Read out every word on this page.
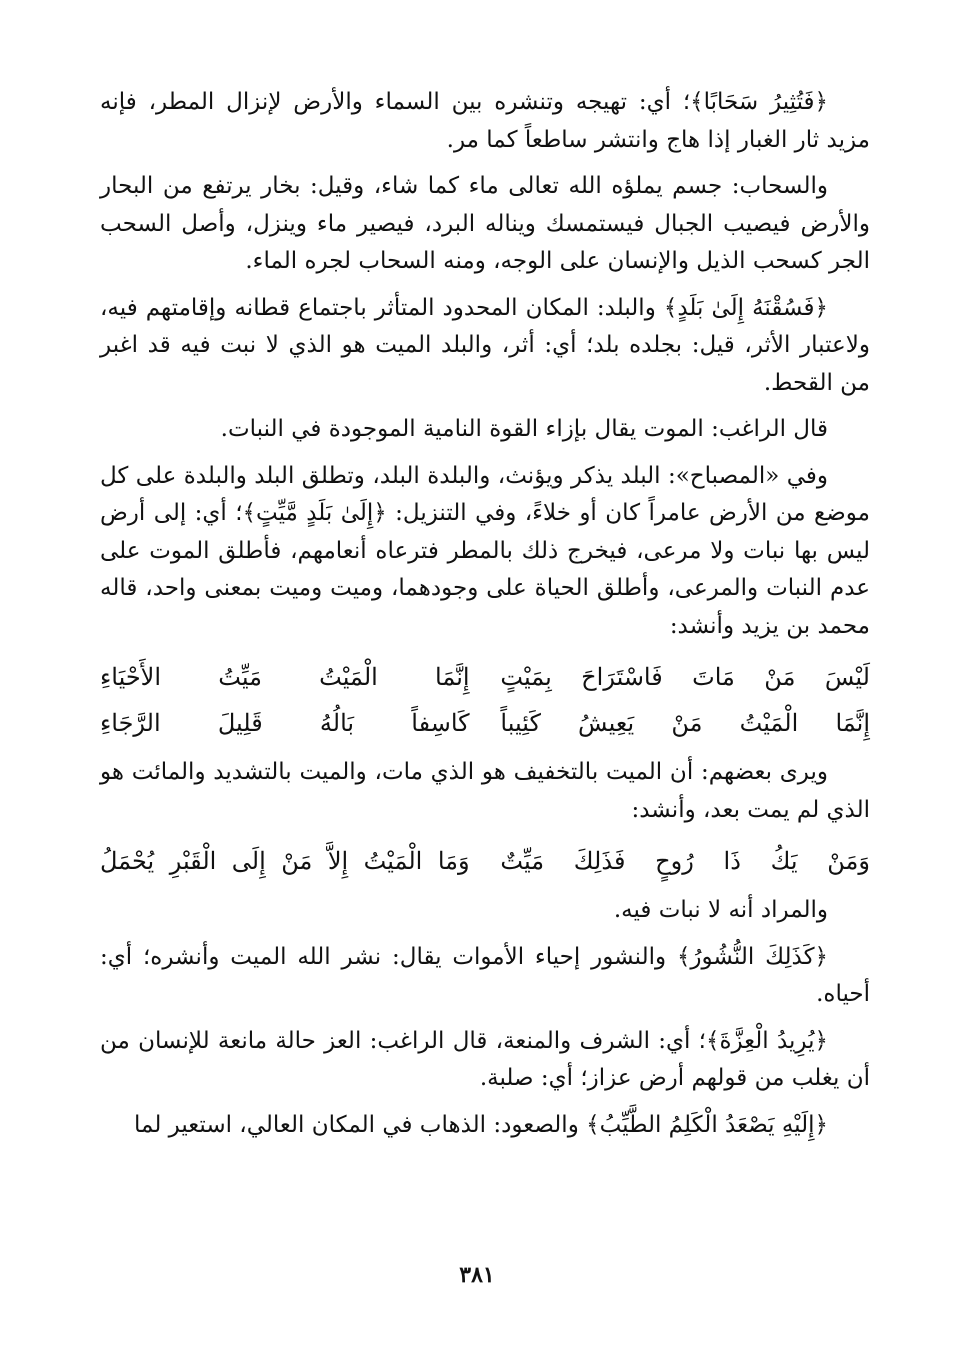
﴿فَتُثِيرُ سَحَابًا﴾؛ أي: تهيجه وتنشره بين السماء والأرض لإنزال المطر، فإنه مزيد ثار الغبار إذا هاج وانتشر ساطعاً كما مر.

والسحاب: جسم يملؤه الله تعالى ماء كما شاء، وقيل: بخار يرتفع من البحار والأرض فيصيب الجبال فيستمسك ويناله البرد، فيصير ماء وينزل، وأصل السحب الجر كسحب الذيل والإنسان على الوجه، ومنه السحاب لجره الماء.

﴿فَسُقْنَهُ إِلَىٰ بَلَدٍ﴾ والبلد: المكان المحدود المتأثر باجتماع قطانه وإقامتهم فيه، ولاعتبار الأثر، قيل: بجلده بلد؛ أي: أثر، والبلد الميت هو الذي لا نبت فيه قد اغبر من القحط.

قال الراغب: الموت يقال بإزاء القوة النامية الموجودة في النبات.

وفي «المصباح»: البلد يذكر ويؤنث، والبلدة البلد، وتطلق البلد والبلدة على كل موضع من الأرض عامراً كان أو خلاءً، وفي التنزيل: ﴿إِلَىٰ بَلَدٍ مَّيِّتٍ﴾؛ أي: إلى أرض ليس بها نبات ولا مرعى، فيخرج ذلك بالمطر فترعاه أنعامهم، فأطلق الموت على عدم النبات والمرعى، وأطلق الحياة على وجودهما، وميت وميت بمعنى واحد، قاله محمد بن يزيد وأنشد:

لَيْسَ مَنْ مَاتَ فَاسْتَرَاحَ بِمَيْتٍ
إِنَّمَا الْمَيْتُ مَيِّتُ الأَحْيَاءِ
إِنَّمَا الْمَيْتُ مَنْ يَعِيشُ كَئِيباً
كَاسِفاً بَالُهُ قَلِيلَ الرَّجَاءِ

ويرى بعضهم: أن الميت بالتخفيف هو الذي مات، والميت بالتشديد والمائت هو الذي لم يمت بعد، وأنشد:

وَمَنْ يَكُ ذَا رُوحٍ فَذَلِكَ مَيِّتٌ
وَمَا الْمَيْتُ إِلاَّ مَنْ إِلَى الْقَبْرِ يُحْمَلُ

والمراد أنه لا نبات فيه.

﴿كَذَلِكَ النُّشُورُ﴾ والنشور إحياء الأموات يقال: نشر الله الميت وأنشره؛ أي: أحياه.

﴿يُرِيدُ الْعِزَّةَ﴾؛ أي: الشرف والمنعة، قال الراغب: العز حالة مانعة للإنسان من أن يغلب من قولهم أرض عزاز؛ أي: صلبة.

﴿إِلَيْهِ يَصْعَدُ الْكَلِمُ الطَّيِّبُ﴾ والصعود: الذهاب في المكان العالي، استعير لما

٣٨١
